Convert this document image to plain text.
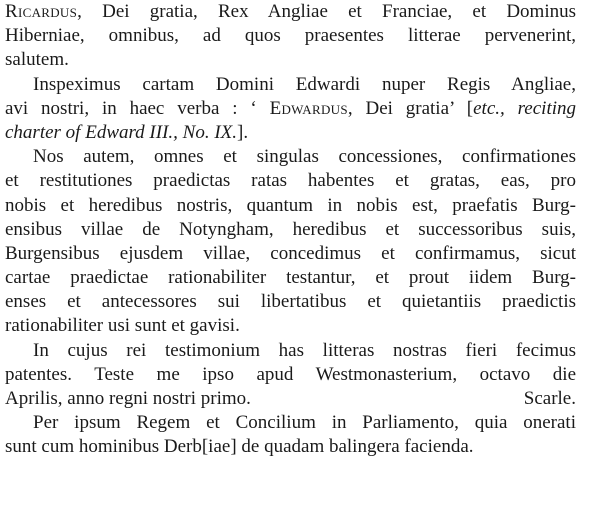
Ricardus, Dei gratia, Rex Angliae et Franciae, et Dominus
Hiberniae, omnibus, ad quos praesentes litterae pervenerint,
salutem.
Inspeximus cartam Domini Edwardi nuper Regis Angliae,
avi nostri, in haec verba : ‘ Edwardus, Dei gratia’ [etc., reciting
charter of Edward III., No. IX.].
Nos autem, omnes et singulas concessiones, confirmationes
et restitutiones praedictas ratas habentes et gratas, eas, pro
nobis et heredibus nostris, quantum in nobis est, praefatis Burg-
ensibus villae de Notyngham, heredibus et successoribus suis,
Burgensibus ejusdem villae, concedimus et confirmamus, sicut
cartae praedictae rationabiliter testantur, et prout iidem Burg-
enses et antecessores sui libertatibus et quietantiis praedictis
rationabiliter usi sunt et gavisi.
In cujus rei testimonium has litteras nostras fieri fecimus
patentes. Teste me ipso apud Westmonasterium, octavo die
Aprilis, anno regni nostri primo.	Scarle.
Per ipsum Regem et Concilium in Parliamento, quia onerati
sunt cum hominibus Derb[iae] de quadam balingera facienda.
